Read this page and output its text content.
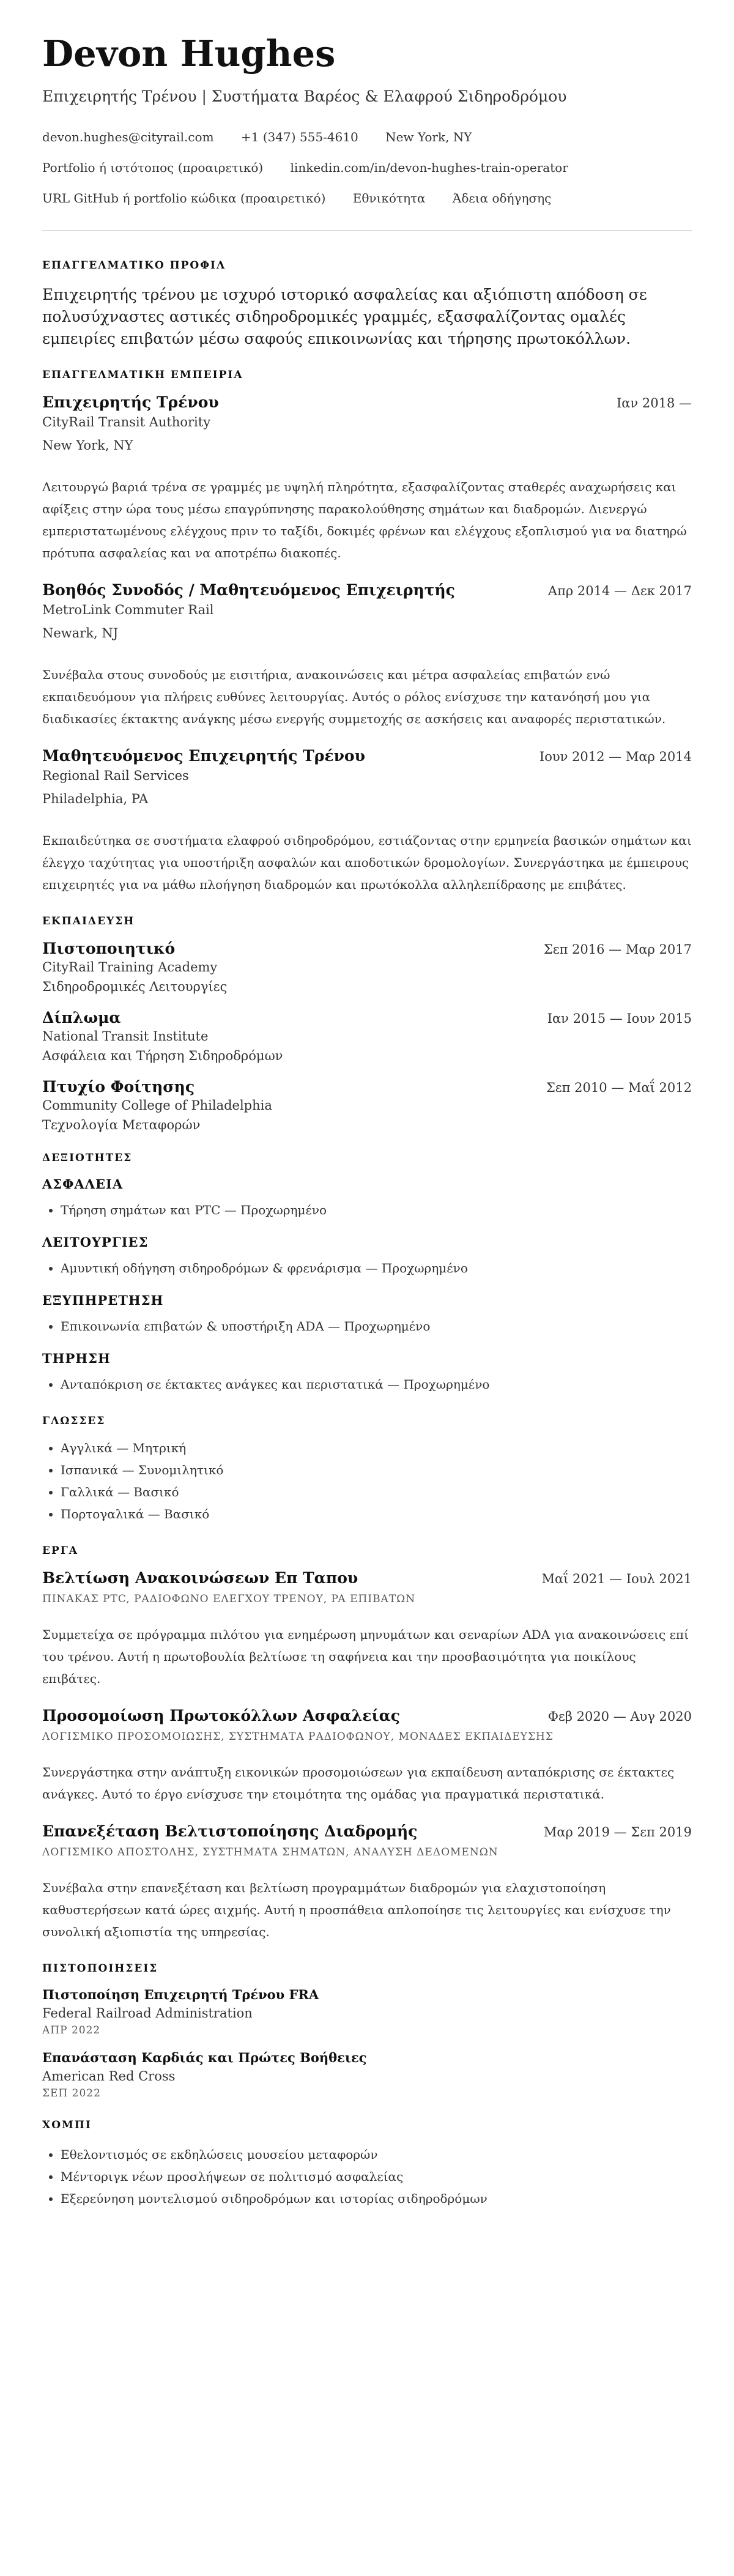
Devon Hughes
Επιχειρητής Τρένου | Συστήματα Βαρέος & Ελαφρού Σιδηροδρόμου
devon.hughes@cityrail.com +1 (347) 555-4610 New York, NY
Portfolio ή ιστότοπος (προαιρετικό) linkedin.com/in/devon-hughes-train-operator
URL GitHub ή portfolio κώδικα (προαιρετικό) Εθνικότητα Άδεια οδήγησης
ΕΠΑΓΓΕΛΜΑΤΙΚΟ ΠΡΟΦΙΛ

Επιχειρητής τρένου με ισχυρό ιστορικό ασφαλείας και αξιόπιστη απόδοση σε πολυσύχναστες αστικές σιδηροδρομικές γραμμές, εξασφαλίζοντας ομαλές εμπειρίες επιβατών μέσω σαφούς επικοινωνίας και τήρησης πρωτοκόλλων.

ΕΠΑΓΓΕΛΜΑΤΙΚΗ ΕΜΠΕΙΡΙΑ
Επιχειρητής Τρένου	Ιαν 2018 —
CityRail Transit Authority
New York, NY

Λειτουργώ βαριά τρένα σε γραμμές με υψηλή πληρότητα, εξασφαλίζοντας σταθερές αναχωρήσεις και αφίξεις στην ώρα τους μέσω επαγρύπνησης παρακολούθησης σημάτων και διαδρομών. Διενεργώ εμπεριστατωμένους ελέγχους πριν το ταξίδι, δοκιμές φρένων και ελέγχους εξοπλισμού για να διατηρώ πρότυπα ασφαλείας και να αποτρέπω διακοπές.

Βοηθός Συνοδός / Μαθητευόμενος Επιχειρητής	Απρ 2014 — Δεκ 2017
MetroLink Commuter Rail
Newark, NJ

Συνέβαλα στους συνοδούς με εισιτήρια, ανακοινώσεις και μέτρα ασφαλείας επιβατών ενώ εκπαιδευόμουν για πλήρεις ευθύνες λειτουργίας. Αυτός ο ρόλος ενίσχυσε την κατανόησή μου για διαδικασίες έκτακτης ανάγκης μέσω ενεργής συμμετοχής σε ασκήσεις και αναφορές περιστατικών.

Μαθητευόμενος Επιχειρητής Τρένου	Ιουν 2012 — Μαρ 2014
Regional Rail Services
Philadelphia, PA

Εκπαιδεύτηκα σε συστήματα ελαφρού σιδηροδρόμου, εστιάζοντας στην ερμηνεία βασικών σημάτων και έλεγχο ταχύτητας για υποστήριξη ασφαλών και αποδοτικών δρομολογίων. Συνεργάστηκα με έμπειρους επιχειρητές για να μάθω πλοήγηση διαδρομών και πρωτόκολλα αλληλεπίδρασης με επιβάτες.

ΕΚΠΑΙΔΕΥΣΗ
Πιστοποιητικό	Σεπ 2016 — Μαρ 2017
CityRail Training Academy
Σιδηροδρομικές Λειτουργίες
Δίπλωμα	Ιαν 2015 — Ιουν 2015
National Transit Institute
Ασφάλεια και Τήρηση Σιδηροδρόμων
Πτυχίο Φοίτησης	Σεπ 2010 — Μαΐ 2012
Community College of Philadelphia
Τεχνολογία Μεταφορών
ΔΕΞΙΟΤΗΤΕΣ
ΑΣΦΑΛΕΙΑ
• Τήρηση σημάτων και PTC — Προχωρημένο
ΛΕΙΤΟΥΡΓΙΕΣ
• Αμυντική οδήγηση σιδηροδρόμων & φρενάρισμα — Προχωρημένο
ΕΞΥΠΗΡΕΤΗΣΗ
• Επικοινωνία επιβατών & υποστήριξη ADA — Προχωρημένο
ΤΗΡΗΣΗ
• Ανταπόκριση σε έκτακτες ανάγκες και περιστατικά — Προχωρημένο
ΓΛΩΣΣΕΣ
• Αγγλικά — Μητρική
• Ισπανικά — Συνομιλητικό
• Γαλλικά — Βασικό
• Πορτογαλικά — Βασικό
ΕΡΓΑ
Βελτίωση Ανακοινώσεων Επ Ταπου	Μαΐ 2021 — Ιουλ 2021
ΠΙΝΑΚΑΣ PTC, ΡΑΔΙΟΦΩΝΟ ΕΛΕΓΧΟΥ ΤΡΕΝΟΥ, PA ΕΠΙΒΑΤΩΝ

Συμμετείχα σε πρόγραμμα πιλότου για ενημέρωση μηνυμάτων και σεναρίων ADA για ανακοινώσεις επί του τρένου. Αυτή η πρωτοβουλία βελτίωσε τη σαφήνεια και την προσβασιμότητα για ποικίλους επιβάτες.

Προσομοίωση Πρωτοκόλλων Ασφαλείας	Φεβ 2020 — Αυγ 2020
ΛΟΓΙΣΜΙΚΟ ΠΡΟΣΟΜΟΙΩΣΗΣ, ΣΥΣΤΗΜΑΤΑ ΡΑΔΙΟΦΩΝΟΥ, ΜΟΝΑΔΕΣ ΕΚΠΑΙΔΕΥΣΗΣ

Συνεργάστηκα στην ανάπτυξη εικονικών προσομοιώσεων για εκπαίδευση ανταπόκρισης σε έκτακτες ανάγκες. Αυτό το έργο ενίσχυσε την ετοιμότητα της ομάδας για πραγματικά περιστατικά.

Επανεξέταση Βελτιστοποίησης Διαδρομής	Μαρ 2019 — Σεπ 2019
ΛΟΓΙΣΜΙΚΟ ΑΠΟΣΤΟΛΗΣ, ΣΥΣΤΗΜΑΤΑ ΣΗΜΑΤΩΝ, ΑΝΑΛΥΣΗ ΔΕΔΟΜΕΝΩΝ

Συνέβαλα στην επανεξέταση και βελτίωση προγραμμάτων διαδρομών για ελαχιστοποίηση καθυστερήσεων κατά ώρες αιχμής. Αυτή η προσπάθεια απλοποίησε τις λειτουργίες και ενίσχυσε την συνολική αξιοπιστία της υπηρεσίας.

ΠΙΣΤΟΠΟΙΗΣΕΙΣ
Πιστοποίηση Επιχειρητή Τρένου FRA
Federal Railroad Administration
ΑΠΡ 2022
Επανάσταση Καρδιάς και Πρώτες Βοήθειες
American Red Cross
ΣΕΠ 2022
ΧΟΜΠΙ
• Εθελοντισμός σε εκδηλώσεις μουσείου μεταφορών
• Μέντοριγκ νέων προσλήψεων σε πολιτισμό ασφαλείας
• Εξερεύνηση μοντελισμού σιδηροδρόμων και ιστορίας σιδηροδρόμων
